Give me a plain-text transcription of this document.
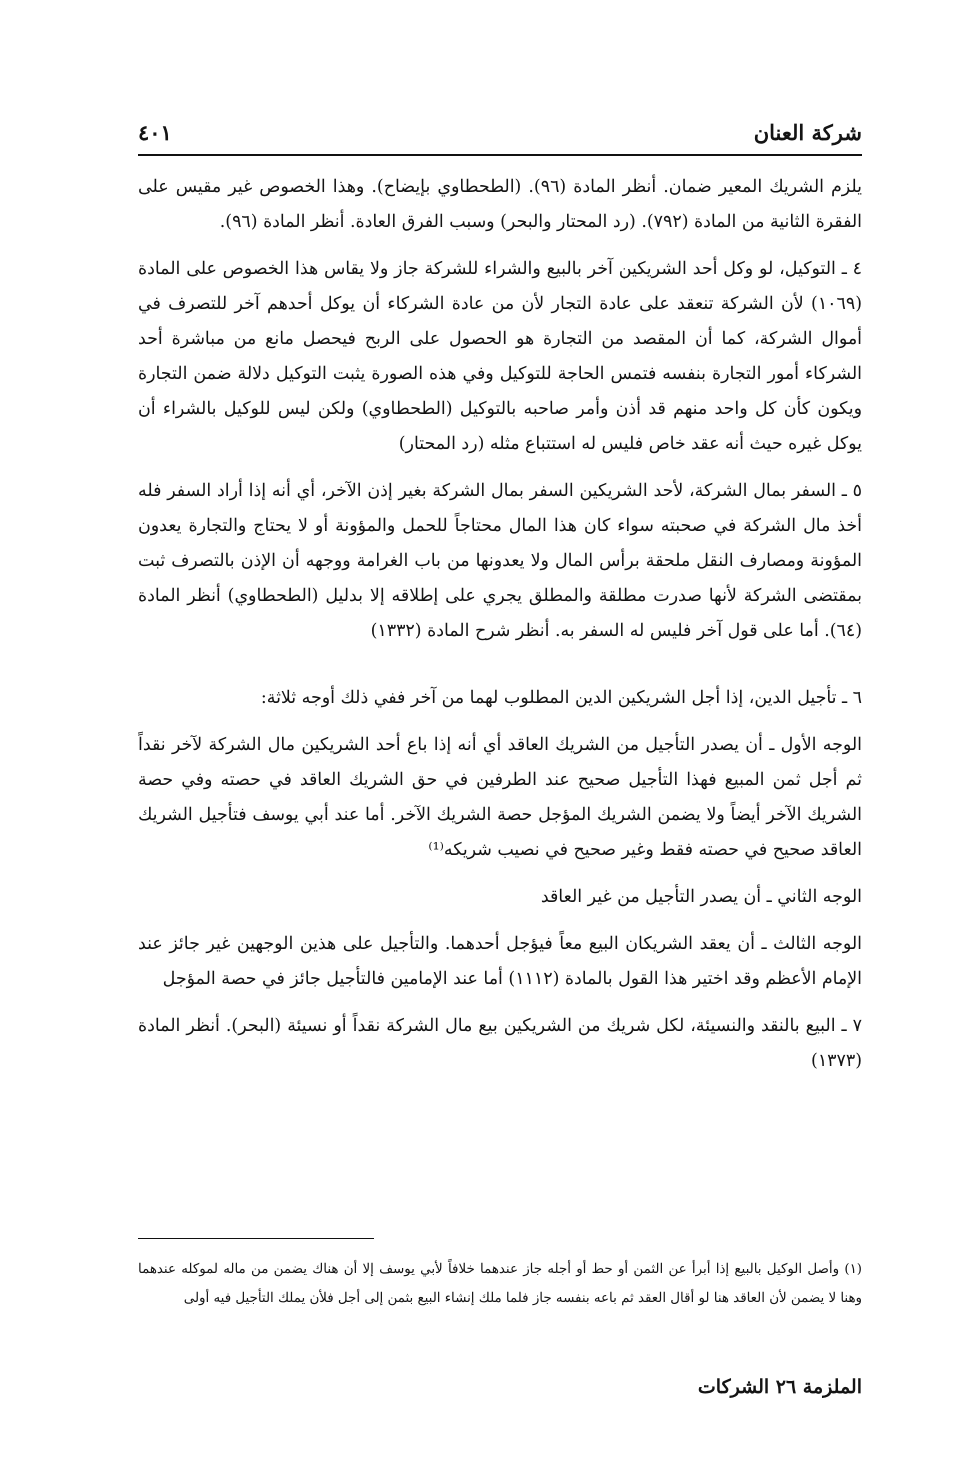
شركة العنان
٤٠١

يلزم الشريك المعير ضمان. أنظر المادة (٩٦). (الطحطاوي بإيضاح). وهذا الخصوص غير مقيس على الفقرة الثانية من المادة (٧٩٢). (رد المحتار والبحر) وسبب الفرق العادة. أنظر المادة (٩٦).

٤ ـ التوكيل، لو وكل أحد الشريكين آخر بالبيع والشراء للشركة جاز ولا يقاس هذا الخصوص على المادة (١٠٦٩) لأن الشركة تنعقد على عادة التجار لأن من عادة الشركاء أن يوكل أحدهم آخر للتصرف في أموال الشركة، كما أن المقصد من التجارة هو الحصول على الربح فيحصل مانع من مباشرة أحد الشركاء أمور التجارة بنفسه فتمس الحاجة للتوكيل وفي هذه الصورة يثبت التوكيل دلالة ضمن التجارة ويكون كأن كل واحد منهم قد أذن وأمر صاحبه بالتوكيل (الطحطاوي) ولكن ليس للوكيل بالشراء أن يوكل غيره حيث أنه عقد خاص فليس له استتباع مثله (رد المحتار)

٥ ـ السفر بمال الشركة، لأحد الشريكين السفر بمال الشركة بغير إذن الآخر، أي أنه إذا أراد السفر فله أخذ مال الشركة في صحبته سواء كان هذا المال محتاجاً للحمل والمؤونة أو لا يحتاج والتجارة يعدون المؤونة ومصارف النقل ملحقة برأس المال ولا يعدونها من باب الغرامة ووجهه أن الإذن بالتصرف ثبت بمقتضى الشركة لأنها صدرت مطلقة والمطلق يجري على إطلاقه إلا بدليل (الطحطاوي) أنظر المادة (٦٤). أما على قول آخر فليس له السفر به. أنظر شرح المادة (١٣٣٢)

٦ ـ تأجيل الدين، إذا أجل الشريكين الدين المطلوب لهما من آخر ففي ذلك أوجه ثلاثة:

الوجه الأول ـ أن يصدر التأجيل من الشريك العاقد أي أنه إذا باع أحد الشريكين مال الشركة لآخر نقداً ثم أجل ثمن المبيع فهذا التأجيل صحيح عند الطرفين في حق الشريك العاقد في حصته وفي حصة الشريك الآخر أيضاً ولا يضمن الشريك المؤجل حصة الشريك الآخر. أما عند أبي يوسف فتأجيل الشريك العاقد صحيح في حصته فقط وغير صحيح في نصيب شريكه⁽¹⁾

الوجه الثاني ـ أن يصدر التأجيل من غير العاقد

الوجه الثالث ـ أن يعقد الشريكان البيع معاً فيؤجل أحدهما. والتأجيل على هذين الوجهين غير جائز عند الإمام الأعظم وقد اختير هذا القول بالمادة (١١١٢) أما عند الإمامين فالتأجيل جائز في حصة المؤجل

٧ ـ البيع بالنقد والنسيئة، لكل شريك من الشريكين بيع مال الشركة نقداً أو نسيئة (البحر). أنظر المادة (١٣٧٣)

(١) وأصل الوكيل بالبيع إذا أبرأ عن الثمن أو حط أو أجله جاز عندهما خلافاً لأبي يوسف إلا أن هناك يضمن من ماله لموكله عندهما وهنا لا يضمن لأن العاقد هنا لو أقال العقد ثم باعه بنفسه جاز فلما ملك إنشاء البيع بثمن إلى أجل فلأن يملك التأجيل فيه أولى
الملزمة ٢٦ الشركات
